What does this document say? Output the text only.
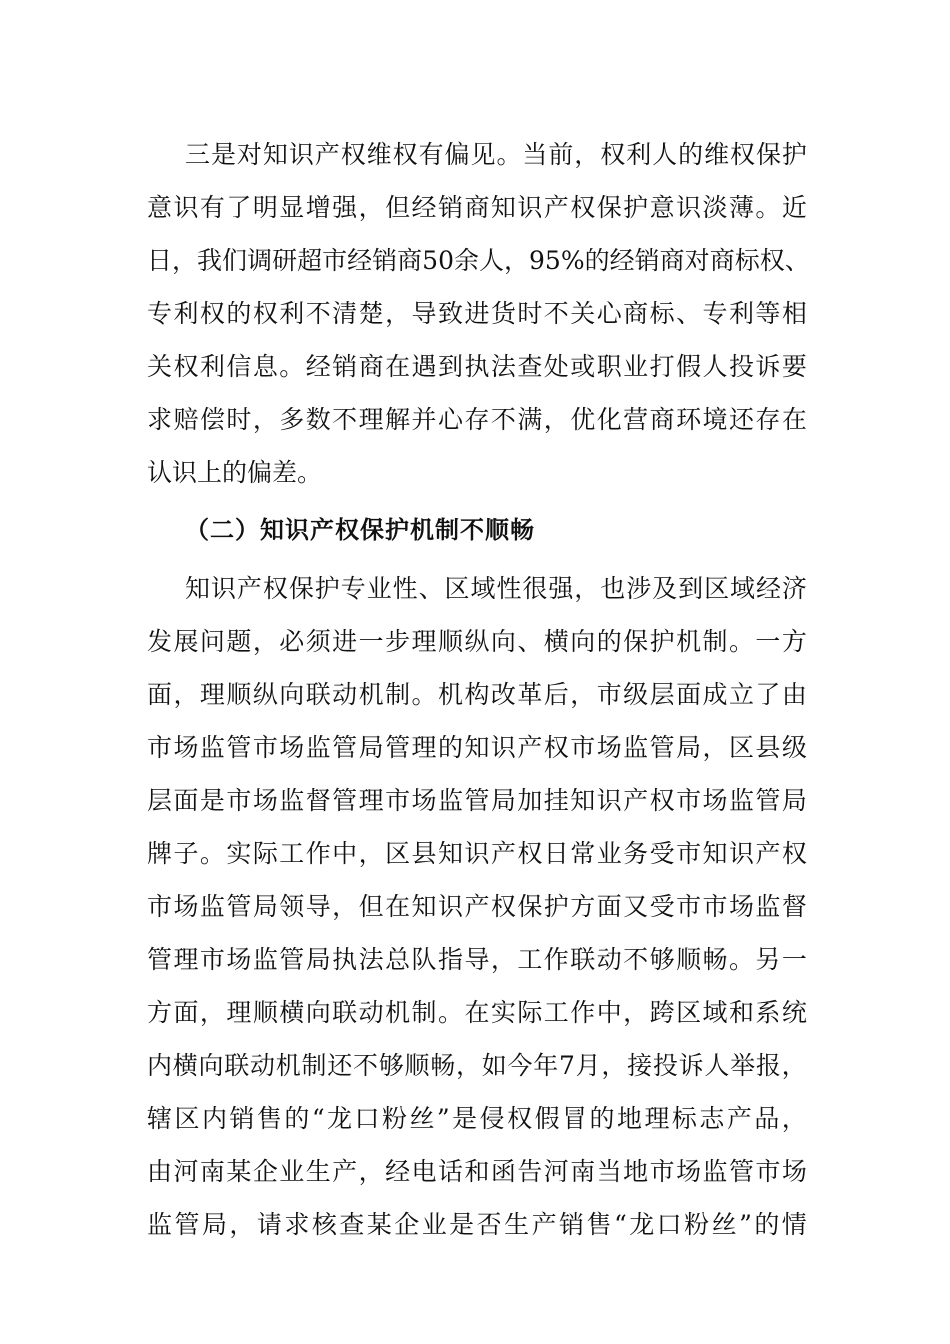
三 是 对 知 识 产 权 维 权 有 偏 见 。 当 前 ， 权 利 人 的 维 权 保 护
意 识 有 了 明 显 增 强 ， 但 经 销 商 知 识 产 权 保 护 意 识 淡 薄 。 近
日 ， 我 们 调 研 超 市 经 销 商 50 余 人 ， 95% 的 经 销 商 对 商 标 权 、
专 利 权 的 权 利 不 清 楚 ， 导 致 进 货 时 不 关 心 商 标 、 专 利 等 相
关 权 利 信 息 。 经 销 商 在 遇 到 执 法 查 处 或 职 业 打 假 人 投 诉 要
求 赔 偿 时 ， 多 数 不 理 解 并 心 存 不 满 ， 优 化 营 商 环 境 还 存 在
认识上的偏差。
（二）知识产权保护机制不顺畅
知 识 产 权 保 护 专 业 性 、 区 域 性 很 强 ， 也 涉 及 到 区 域 经 济
发 展 问 题 ， 必 须 进 一 步 理 顺 纵 向 、 横 向 的 保 护 机 制 。 一 方
面 ， 理 顺 纵 向 联 动 机 制 。 机 构 改 革 后 ， 市 级 层 面 成 立 了 由
市 场 监 管 市 场 监 管 局 管 理 的 知 识 产 权 市 场 监 管 局 ， 区 县 级
层 面 是 市 场 监 督 管 理 市 场 监 管 局 加 挂 知 识 产 权 市 场 监 管 局
牌 子 。 实 际 工 作 中 ， 区 县 知 识 产 权 日 常 业 务 受 市 知 识 产 权
市 场 监 管 局 领 导 ， 但 在 知 识 产 权 保 护 方 面 又 受 市 市 场 监 督
管 理 市 场 监 管 局 执 法 总 队 指 导 ， 工 作 联 动 不 够 顺 畅 。 另 一
方 面 ， 理 顺 横 向 联 动 机 制 。 在 实 际 工 作 中 ， 跨 区 域 和 系 统
内 横 向 联 动 机 制 还 不 够 顺 畅 ， 如 今 年 7 月 ， 接 投 诉 人 举 报 ，
辖 区 内 销 售 的 “ 龙 口 粉 丝 ” 是 侵 权 假 冒 的 地 理 标 志 产 品 ，
由 河 南 某 企 业 生 产 ， 经 电 话 和 函 告 河 南 当 地 市 场 监 管 市 场
监 管 局 ， 请 求 核 查 某 企 业 是 否 生 产 销 售 “ 龙 口 粉 丝 ” 的 情
